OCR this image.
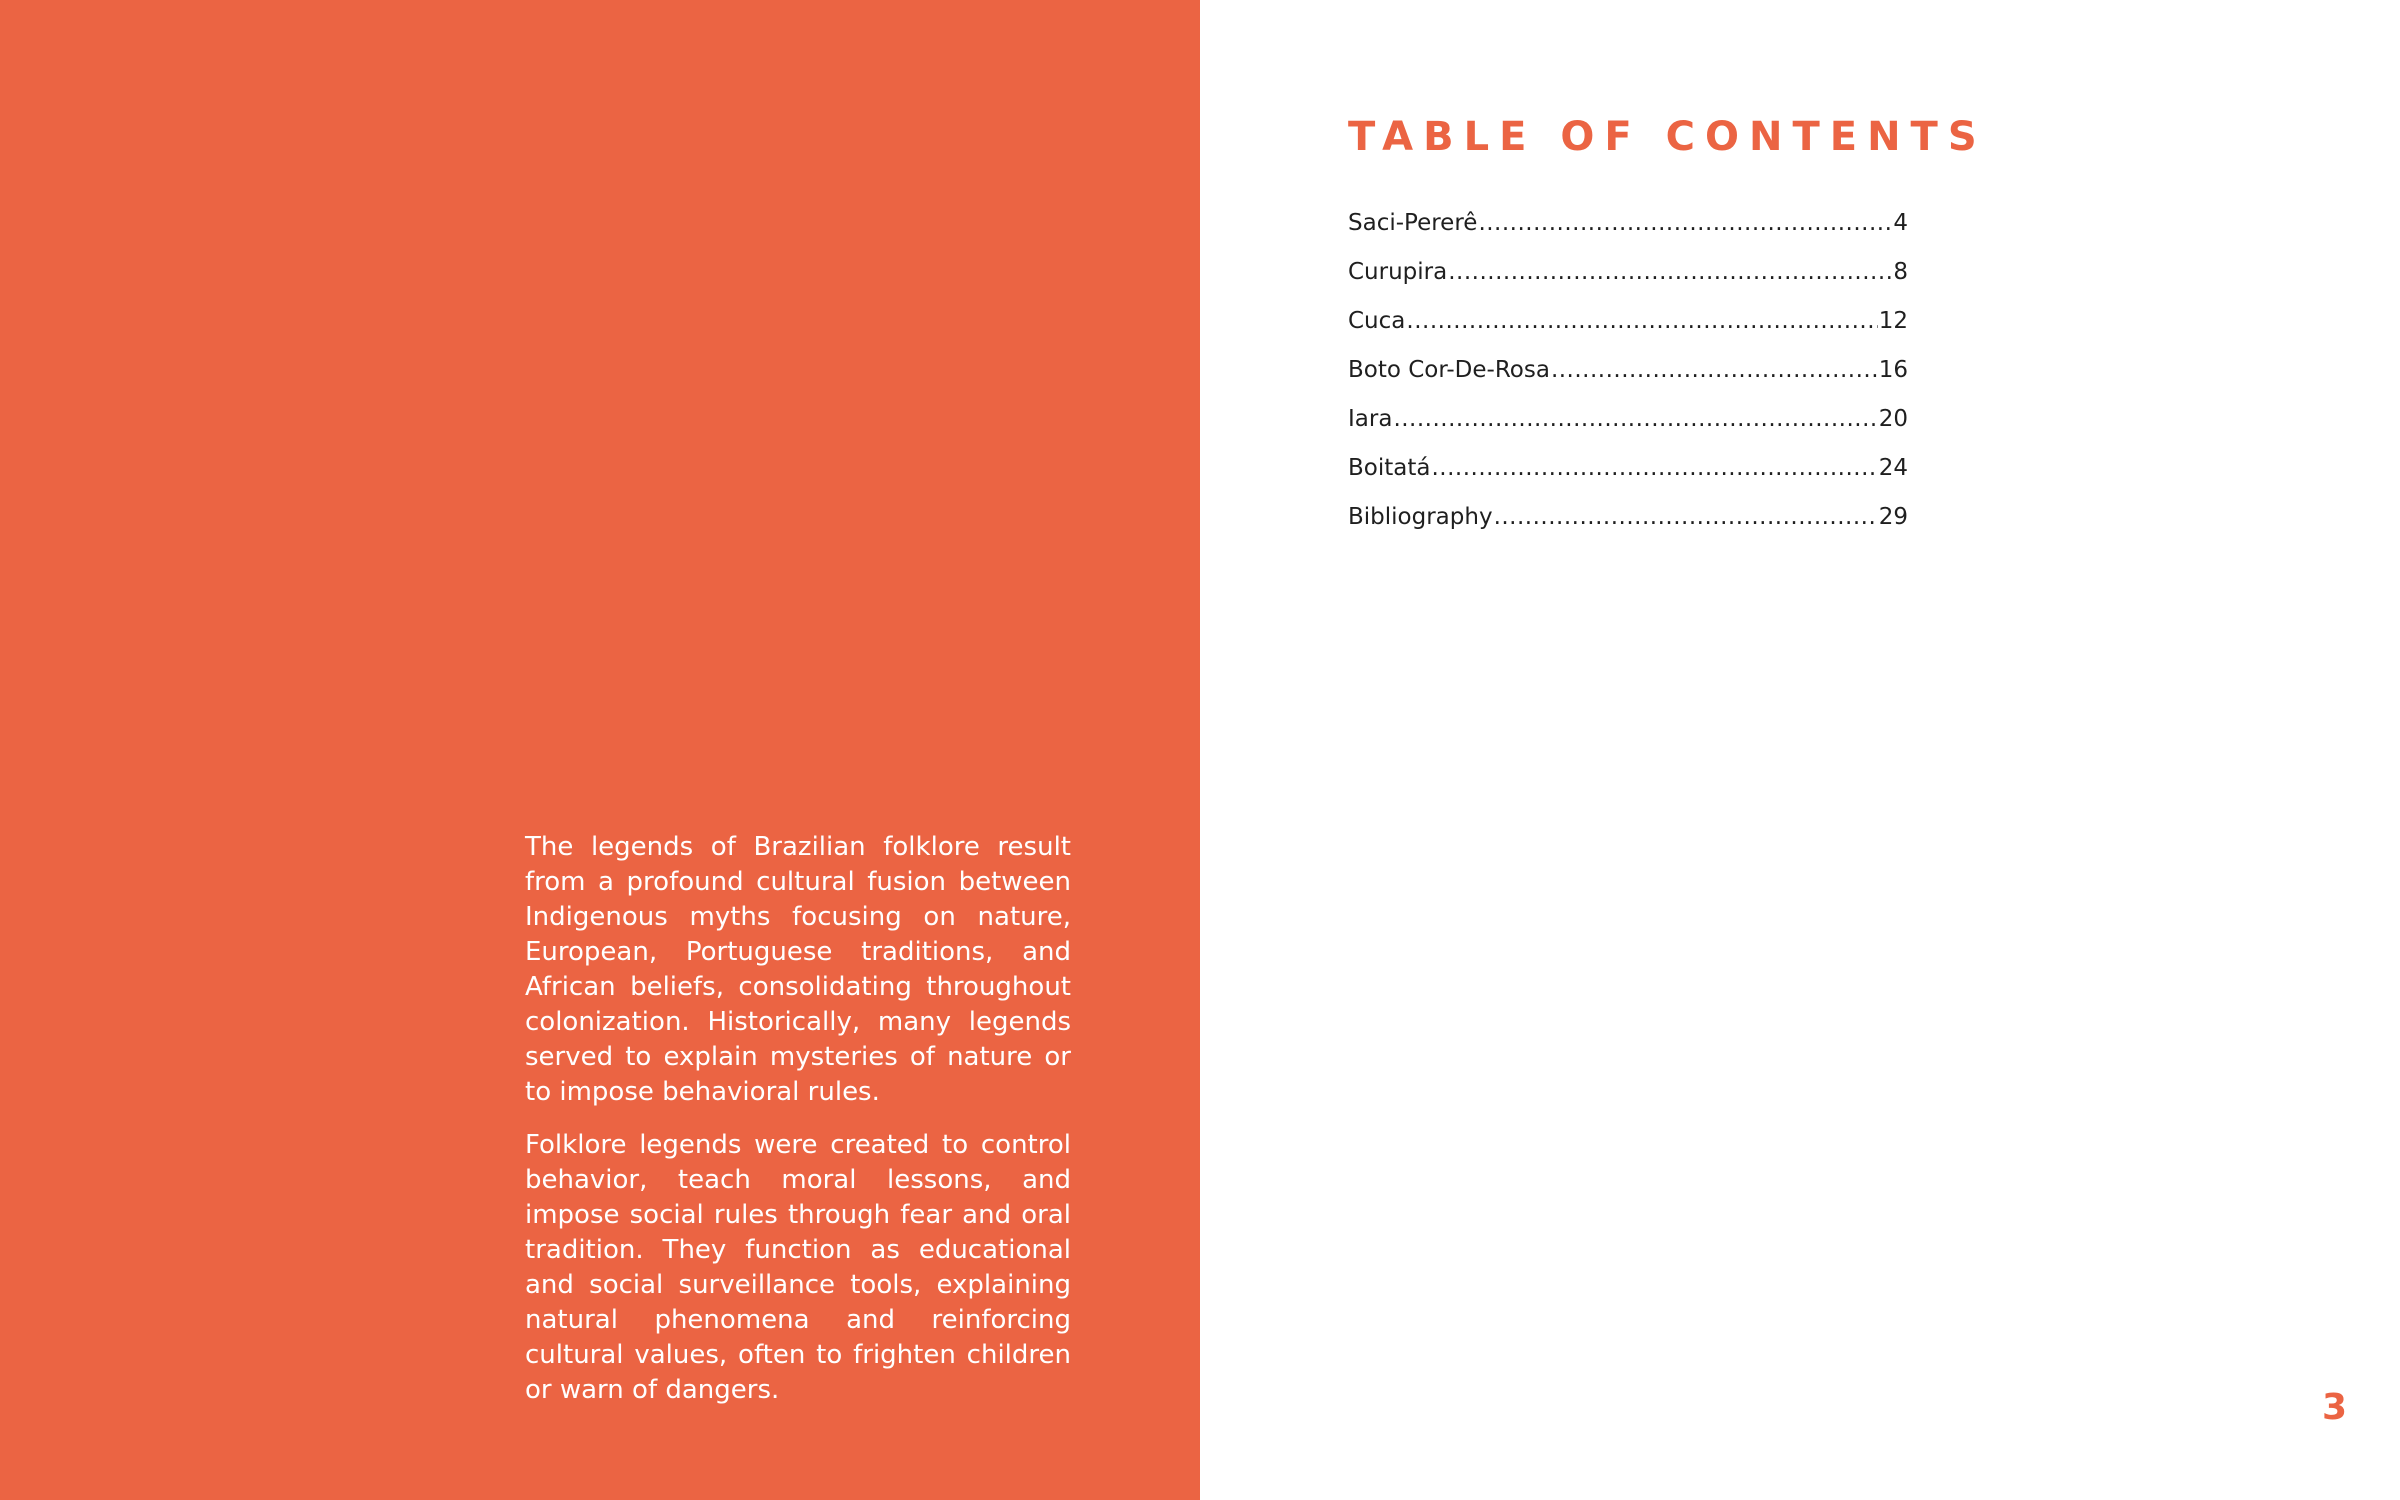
The legends of Brazilian folklore result from a profound cultural fusion between Indigenous myths focusing on nature, European, Portuguese traditions, and African beliefs, consolidating throughout colonization. Historically, many legends served to explain mysteries of nature or to impose behavioral rules.

Folklore legends were created to control behavior, teach moral lessons, and impose social rules through fear and oral tradition. They function as educational and social surveillance tools, explaining natural phenomena and reinforcing cultural values, often to frighten children or warn of dangers.

TABLE OF CONTENTS
Saci-Pererê .....	4
Curupira .....	8
Cuca .....	12
Boto Cor-De-Rosa .....	16
Iara .....	20
Boitatá .....	24
Bibliography .....	29
3
